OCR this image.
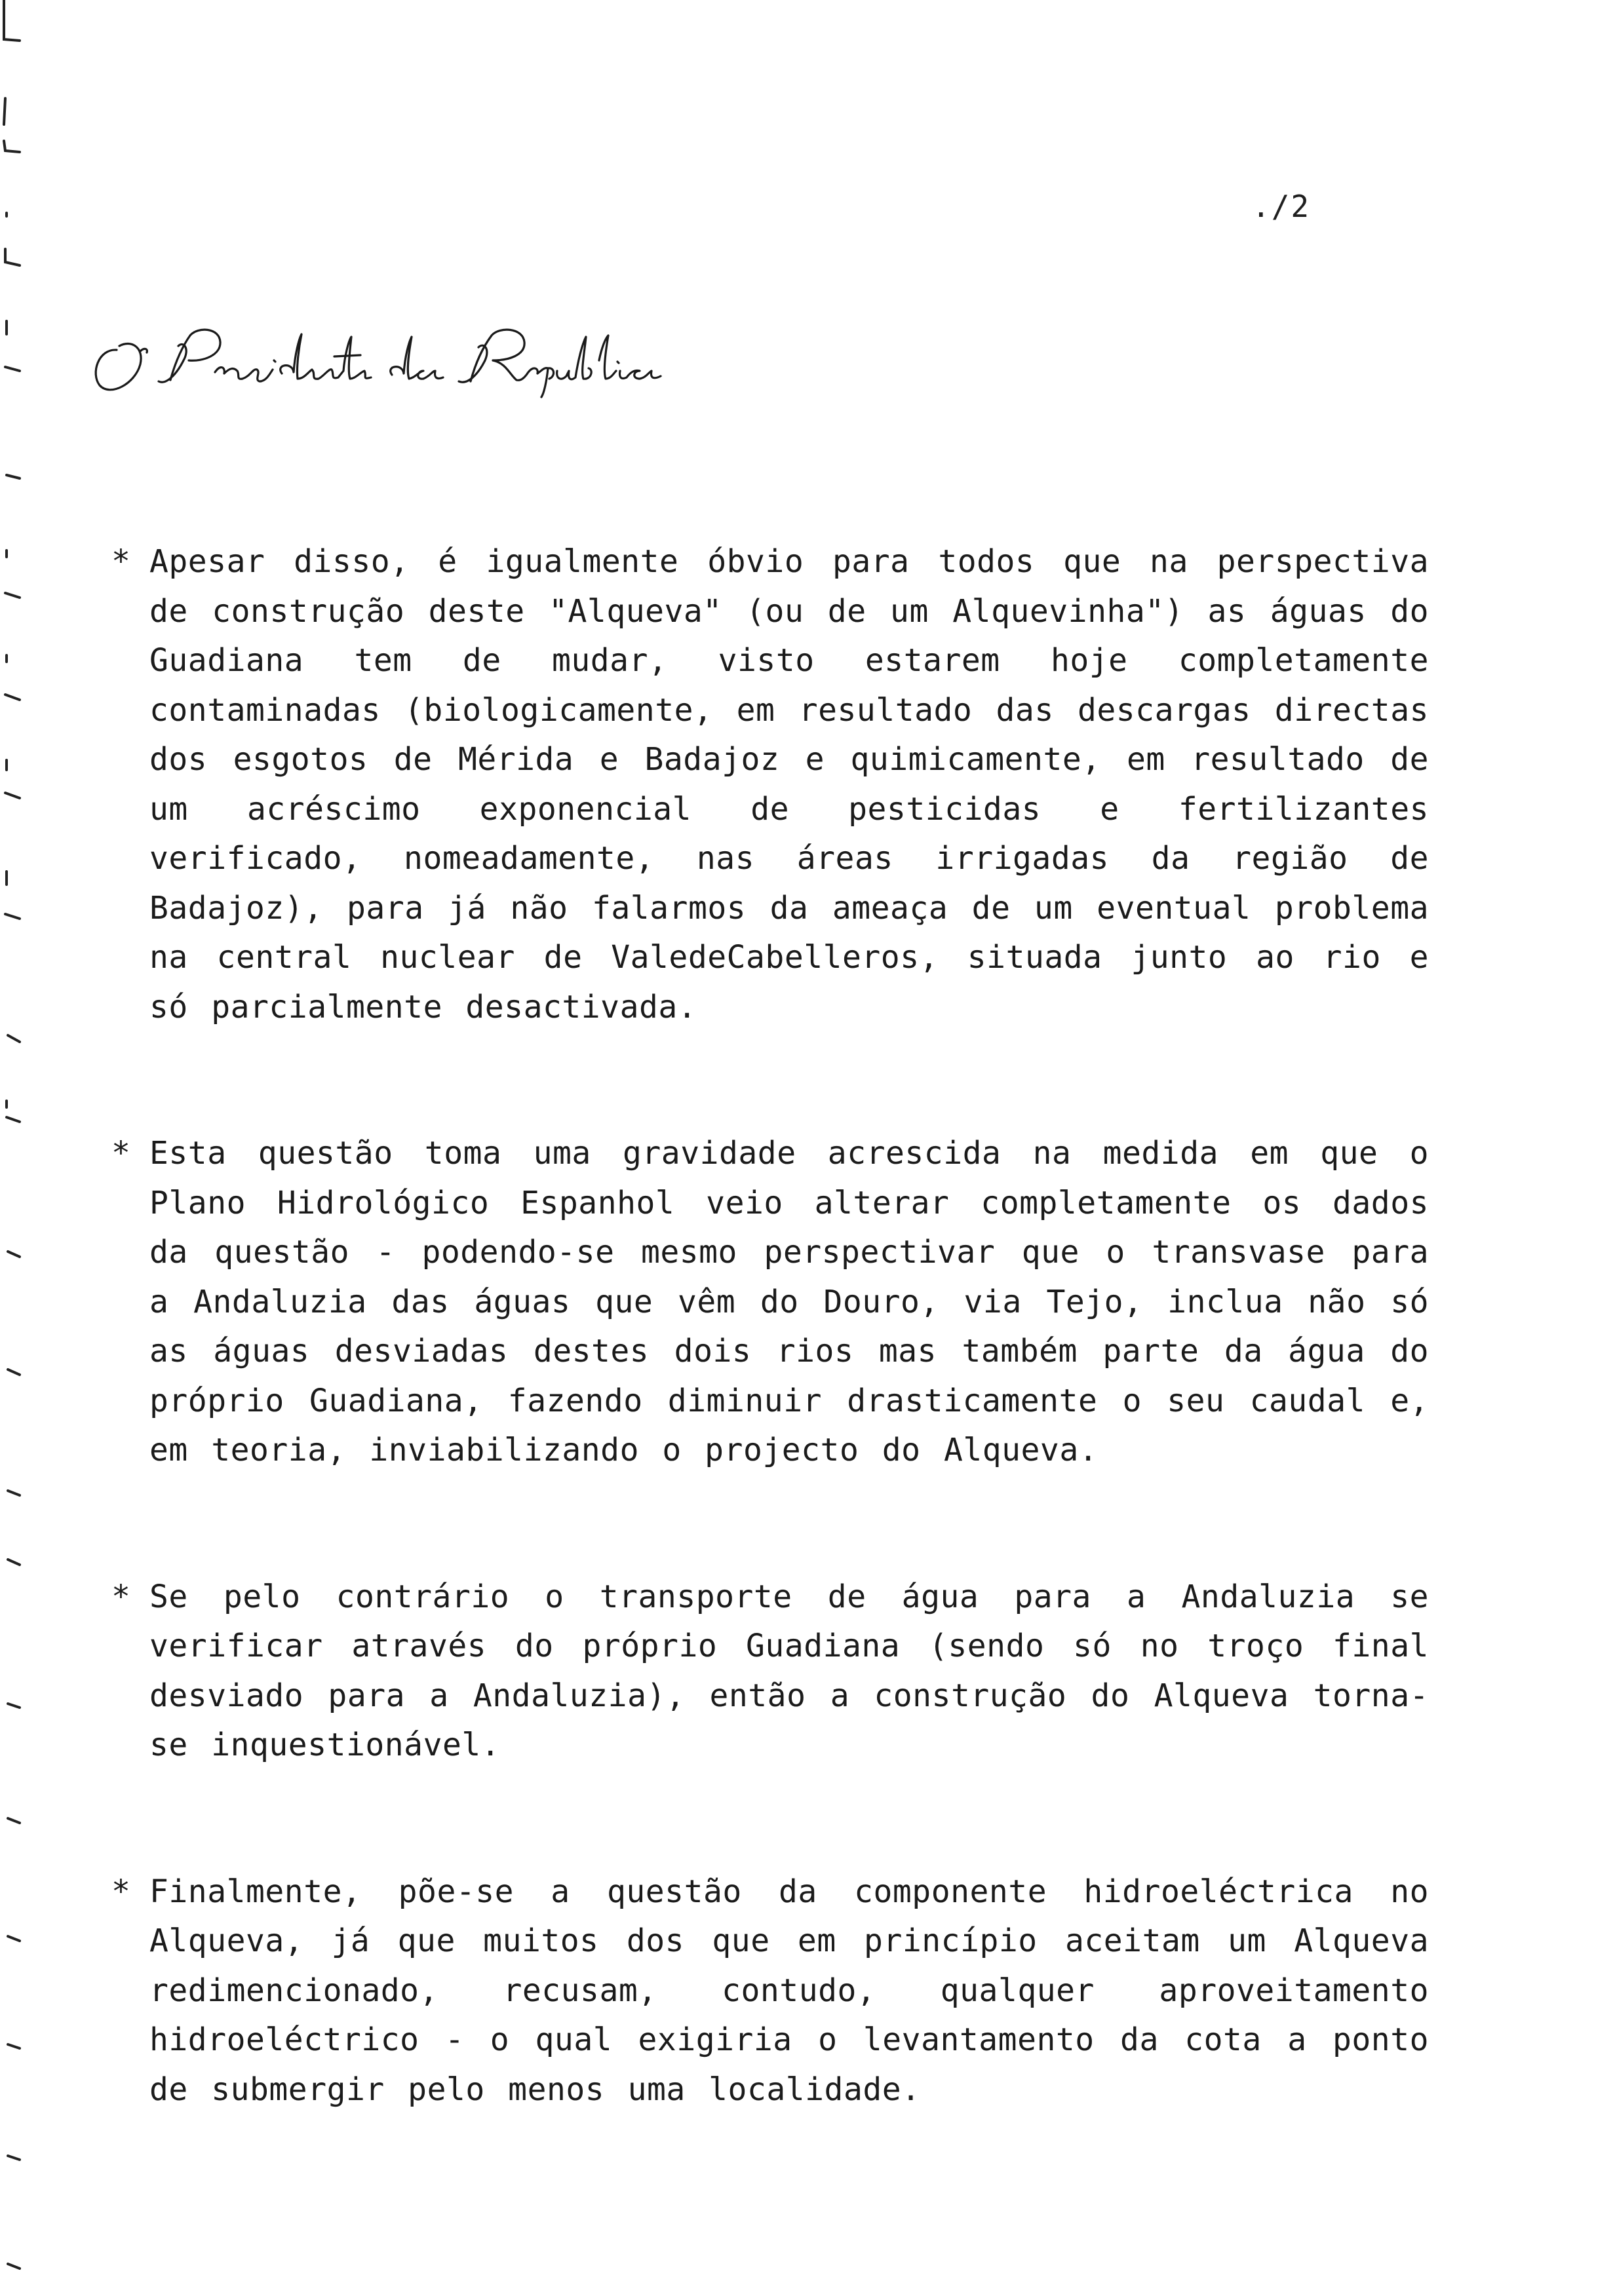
./2
* Apesar disso, é igualmente óbvio para todos que na perspectiva de construção deste "Alqueva" (ou de um Alquevinha") as águas do Guadiana tem de mudar, visto estarem hoje completamente contaminadas (biologicamente, em resultado das descargas directas dos esgotos de Mérida e Badajoz e quimicamente, em resultado de um acréscimo exponencial de pesticidas e fertilizantes verificado, nomeadamente, nas áreas irrigadas da região de Badajoz), para já não falarmos da ameaça de um eventual problema na central nuclear de ValedeCabelleros, situada junto ao rio e só parcialmente desactivada.
* Esta questão toma uma gravidade acrescida na medida em que o Plano Hidrológico Espanhol veio alterar completamente os dados da questão - podendo-se mesmo perspectivar que o transvase para a Andaluzia das águas que vêm do Douro, via Tejo, inclua não só as águas desviadas destes dois rios mas também parte da água do próprio Guadiana, fazendo diminuir drasticamente o seu caudal e, em teoria, inviabilizando o projecto do Alqueva.
* Se pelo contrário o transporte de água para a Andaluzia se verificar através do próprio Guadiana (sendo só no troço final desviado para a Andaluzia), então a construção do Alqueva torna-se inquestionável.
* Finalmente, põe-se a questão da componente hidroeléctrica no Alqueva, já que muitos dos que em princípio aceitam um Alqueva redimencionado, recusam, contudo, qualquer aproveitamento hidroeléctrico - o qual exigiria o levantamento da cota a ponto de submergir pelo menos uma localidade.
